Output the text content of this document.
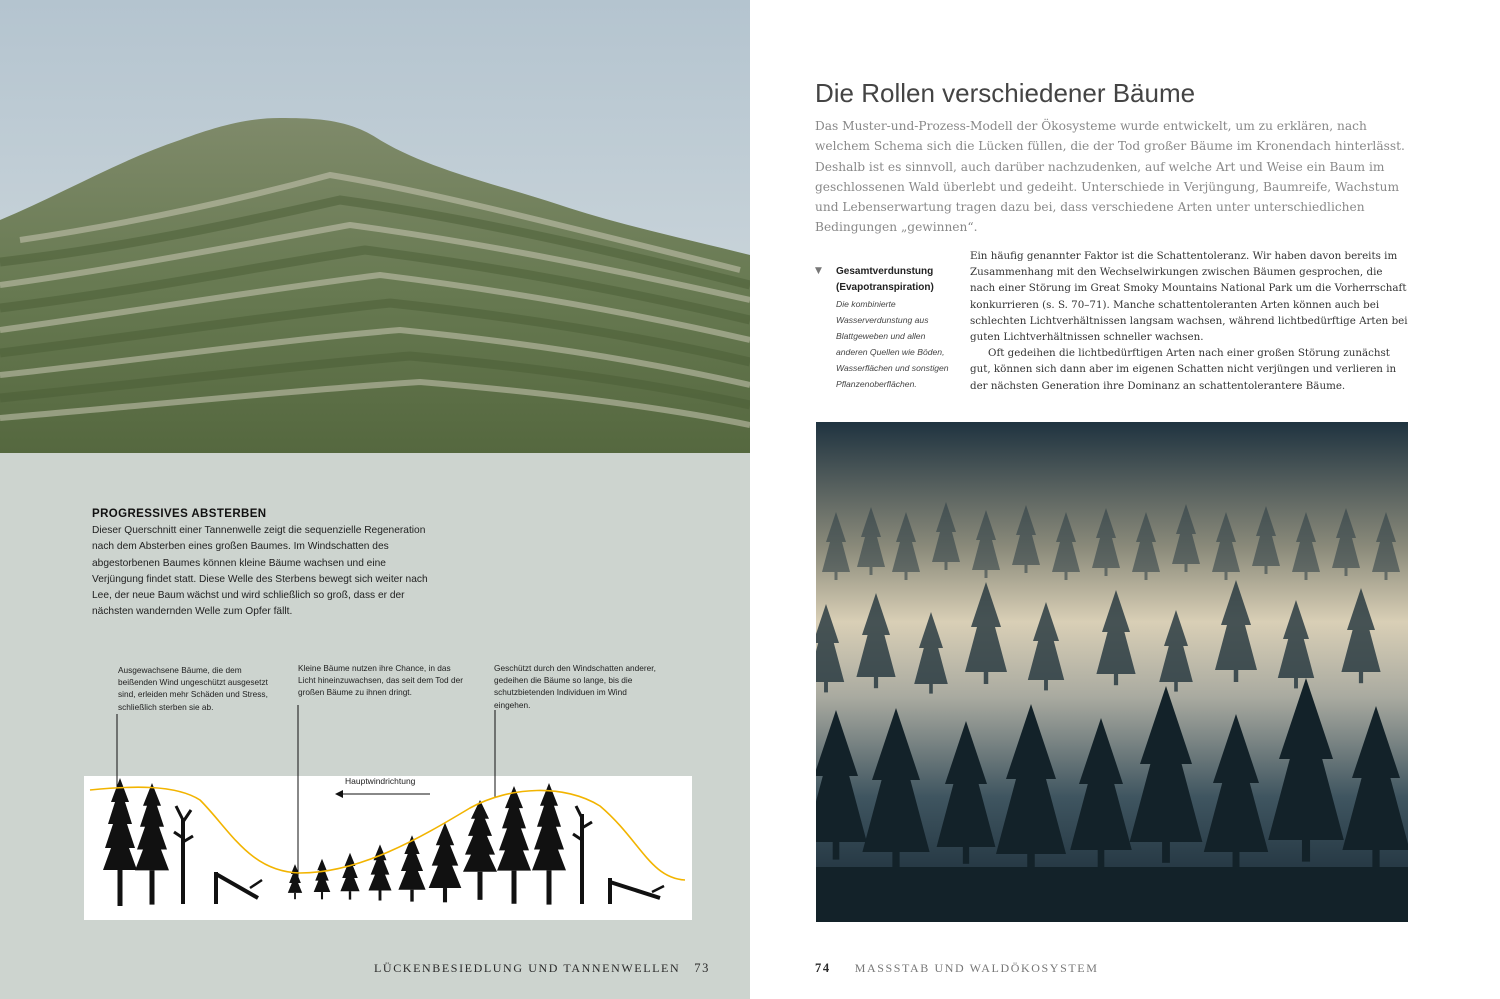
PROGRESSIVES ABSTERBEN

Dieser Querschnitt einer Tannenwelle zeigt die sequenzielle Regeneration nach dem Absterben eines großen Baumes. Im Windschatten des abgestorbenen Baumes können kleine Bäume wachsen und eine Verjüngung findet statt. Diese Welle des Sterbens bewegt sich weiter nach Lee, der neue Baum wächst und wird schließlich so groß, dass er der nächsten wandernden Welle zum Opfer fällt.

Ausgewachsene Bäume, die dem beißenden Wind ungeschützt ausgesetzt sind, erleiden mehr Schäden und Stress, schließlich sterben sie ab.
Kleine Bäume nutzen ihre Chance, in das Licht hineinzuwachsen, das seit dem Tod der großen Bäume zu ihnen dringt.
Geschützt durch den Windschatten anderer, gedeihen die Bäume so lange, bis die schutzbietenden Individuen im Wind eingehen.
Hauptwindrichtung
LÜCKENBESIEDLUNG UND TANNENWELLEN 73
Die Rollen verschiedener Bäume

Das Muster-und-Prozess-Modell der Ökosysteme wurde entwickelt, um zu erklären, nach welchem Schema sich die Lücken füllen, die der Tod großer Bäume im Kronendach hinterlässt. Deshalb ist es sinnvoll, auch darüber nachzudenken, auf welche Art und Weise ein Baum im geschlossenen Wald überlebt und gedeiht. Unterschiede in Verjüngung, Baumreife, Wachstum und Lebenserwartung tragen dazu bei, dass verschiedene Arten unter unterschiedlichen Bedingungen „gewinnen“.

▼ Gesamtverdunstung (Evapotranspiration)
Die kombinierte Wasserverdunstung aus Blattgeweben und allen anderen Quellen wie Böden, Wasserflächen und sonstigen Pflanzenoberflächen.

Ein häufig genannter Faktor ist die Schattentoleranz. Wir haben davon bereits im Zusammenhang mit den Wechselwirkungen zwischen Bäumen gesprochen, die nach einer Störung im Great Smoky Mountains National Park um die Vorherrschaft konkurrieren (s. S. 70–71). Manche schattentoleranten Arten können auch bei schlechten Lichtverhältnissen langsam wachsen, während lichtbedürftige Arten bei guten Lichtverhältnissen schneller wachsen.

Oft gedeihen die lichtbedürftigen Arten nach einer großen Störung zunächst gut, können sich dann aber im eigenen Schatten nicht verjüngen und verlieren in der nächsten Generation ihre Dominanz an schattentolerantere Bäume.

74 MASSSTAB UND WALDÖKOSYSTEM
